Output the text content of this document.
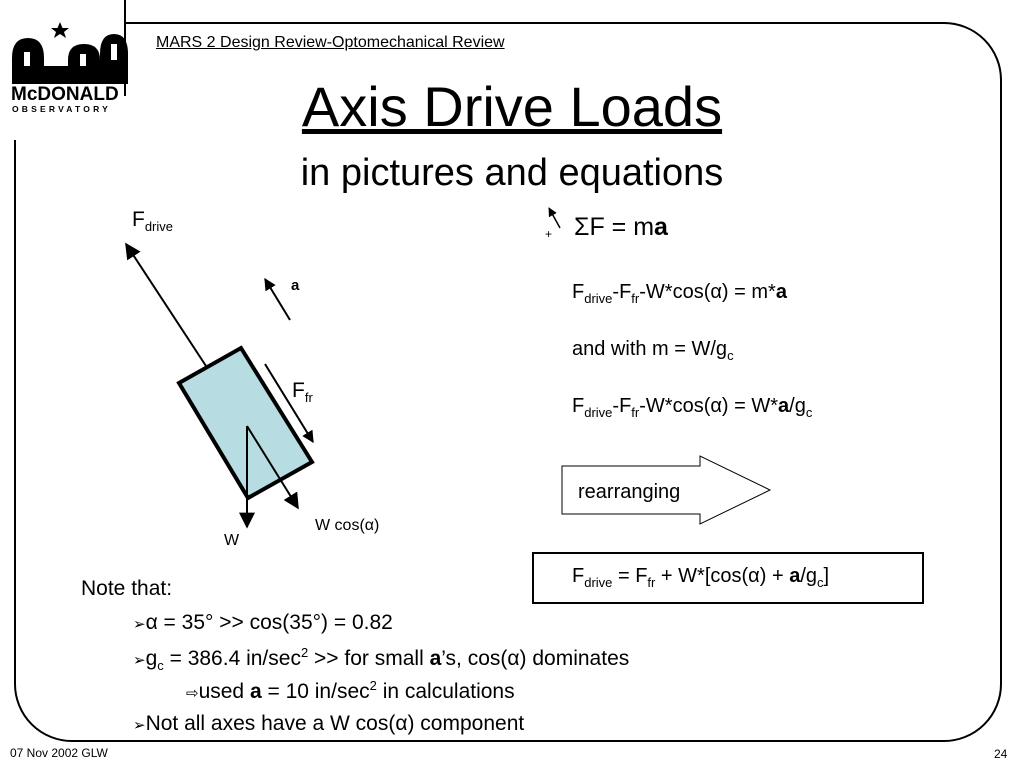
McDONALD
OBSERVATORY
MARS 2 Design Review-Optomechanical Review
Axis Drive Loads
in pictures and equations
$F_{drive}$
a
$F_{fr}$
W
W cos(α)
+ ΣF = ma
$F_{drive}-F_{fr}-W*\cos(\alpha) = m*a$
and with $m = W/g_c$
$F_{drive}-F_{fr}-W*\cos(\alpha) = W*a/g_c$
rearranging
$F_{drive} = F_{fr} + W*[\cos(\alpha) + a/g_c]$
Note that:
➢α = 35° >> cos(35°) = 0.82
$➢g_c = 386.4$ $in/\sec^2$ >> for small a’s, cos(α) dominates
⇨used a = 10 $in/\sec^2$ in calculations
➢Not all axes have a W cos(α) component
07 Nov 2002 GLW	24
